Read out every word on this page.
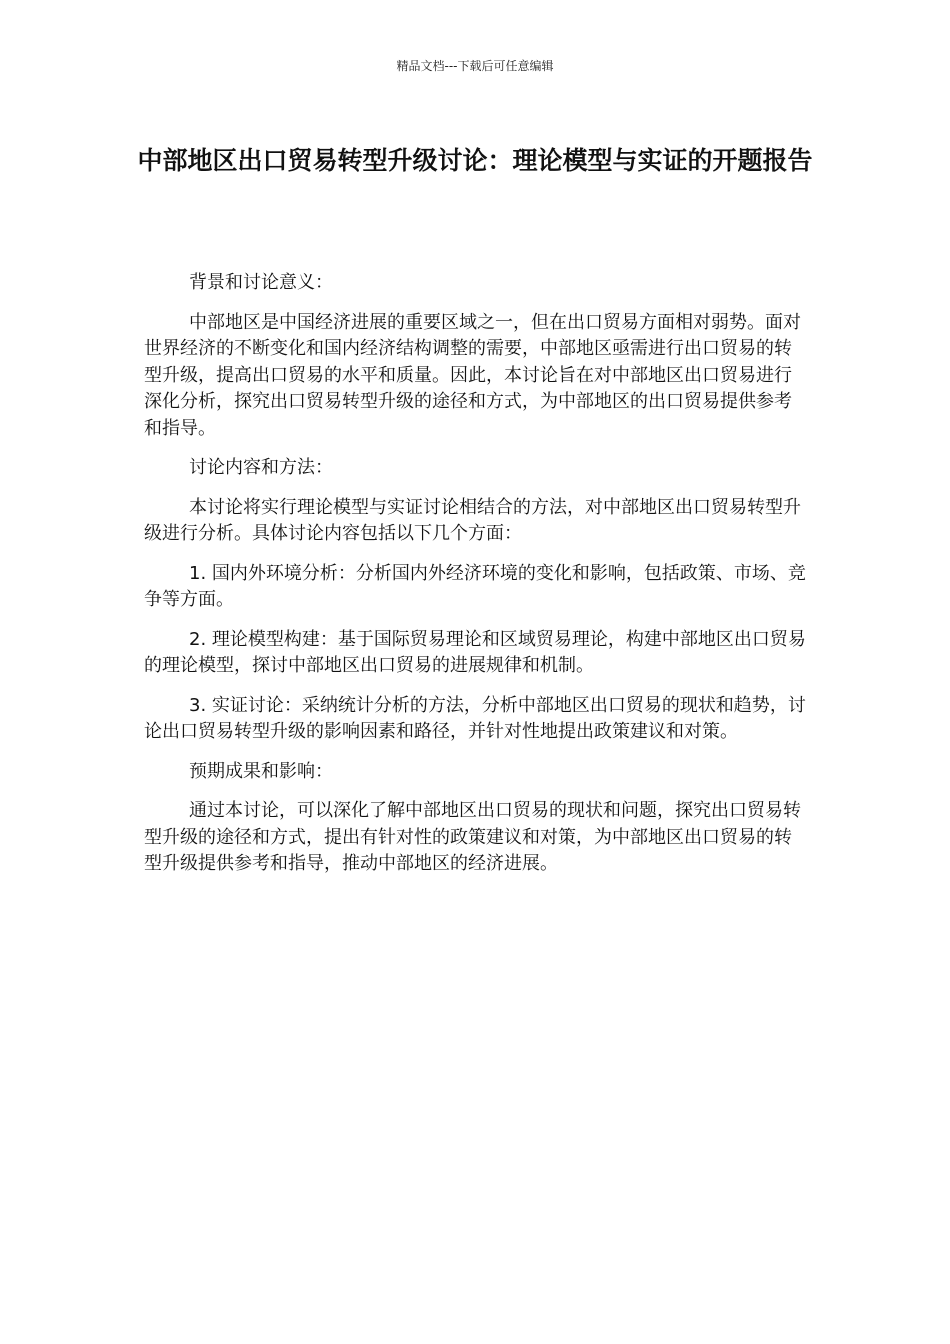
精品文档---下载后可任意编辑
中部地区出口贸易转型升级讨论：理论模型与实证的开题报告

背景和讨论意义：

中部地区是中国经济进展的重要区域之一，但在出口贸易方面相对弱势。面对世界经济的不断变化和国内经济结构调整的需要，中部地区亟需进行出口贸易的转型升级，提高出口贸易的水平和质量。因此，本讨论旨在对中部地区出口贸易进行深化分析，探究出口贸易转型升级的途径和方式，为中部地区的出口贸易提供参考和指导。

讨论内容和方法：

本讨论将实行理论模型与实证讨论相结合的方法，对中部地区出口贸易转型升级进行分析。具体讨论内容包括以下几个方面：

1. 国内外环境分析：分析国内外经济环境的变化和影响，包括政策、市场、竞争等方面。

2. 理论模型构建：基于国际贸易理论和区域贸易理论，构建中部地区出口贸易的理论模型，探讨中部地区出口贸易的进展规律和机制。

3. 实证讨论：采纳统计分析的方法，分析中部地区出口贸易的现状和趋势，讨论出口贸易转型升级的影响因素和路径，并针对性地提出政策建议和对策。

预期成果和影响：

通过本讨论，可以深化了解中部地区出口贸易的现状和问题，探究出口贸易转型升级的途径和方式，提出有针对性的政策建议和对策，为中部地区出口贸易的转型升级提供参考和指导，推动中部地区的经济进展。
